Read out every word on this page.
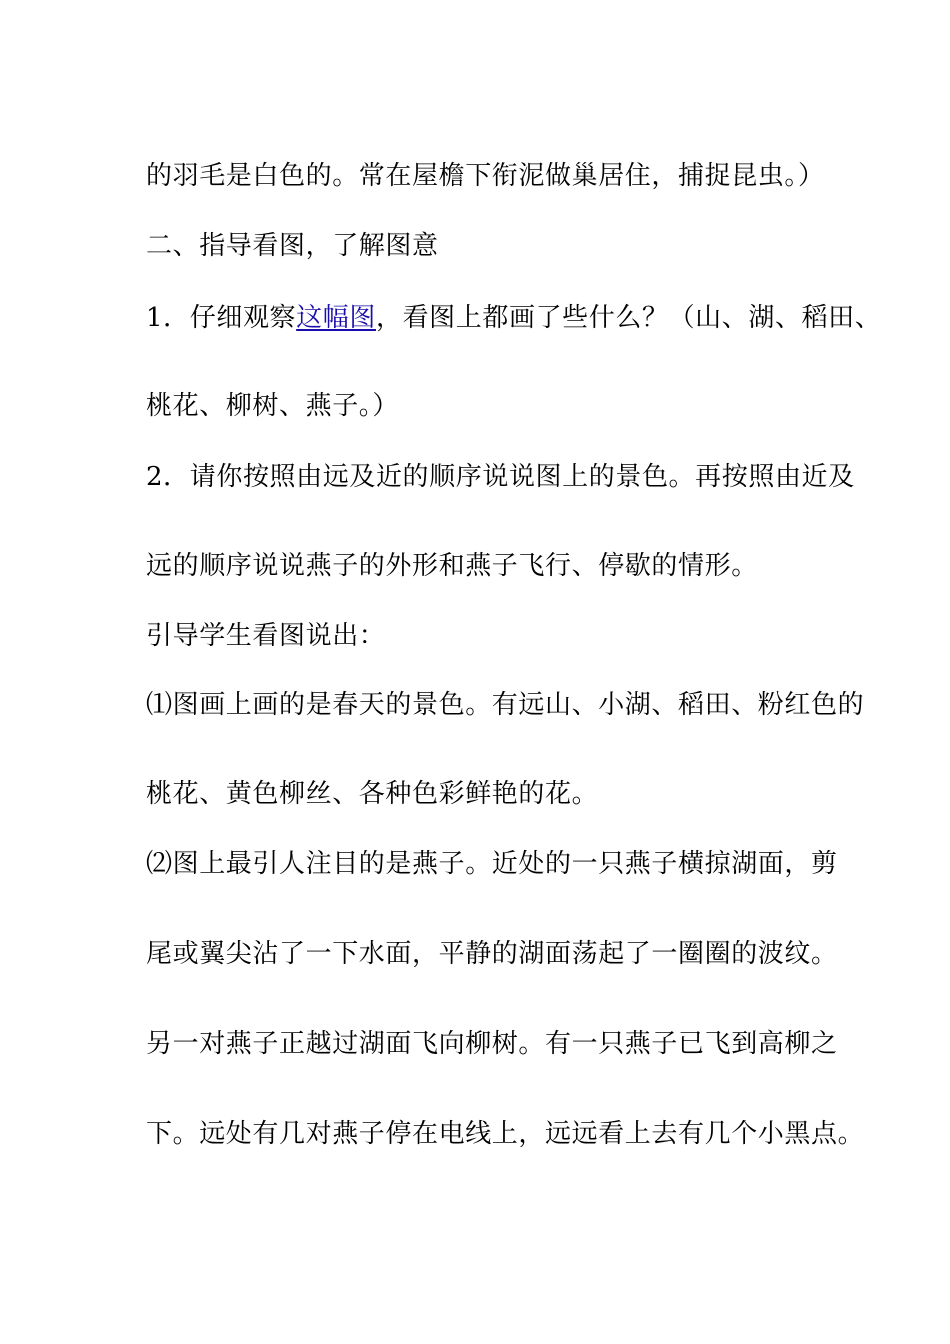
的羽毛是白色的。常在屋檐下衔泥做巢居住，捕捉昆虫。）

二、指导看图，了解图意

1．仔细观察这幅图，看图上都画了些什么？（山、湖、稻田、

桃花、柳树、燕子。）

2．请你按照由远及近的顺序说说图上的景色。再按照由近及

远的顺序说说燕子的外形和燕子飞行、停歇的情形。

引导学生看图说出：

⑴图画上画的是春天的景色。有远山、小湖、稻田、粉红色的

桃花、黄色柳丝、各种色彩鲜艳的花。

⑵图上最引人注目的是燕子。近处的一只燕子横掠湖面，剪

尾或翼尖沾了一下水面，平静的湖面荡起了一圈圈的波纹。

另一对燕子正越过湖面飞向柳树。有一只燕子已飞到高柳之

下。远处有几对燕子停在电线上，远远看上去有几个小黑点。
